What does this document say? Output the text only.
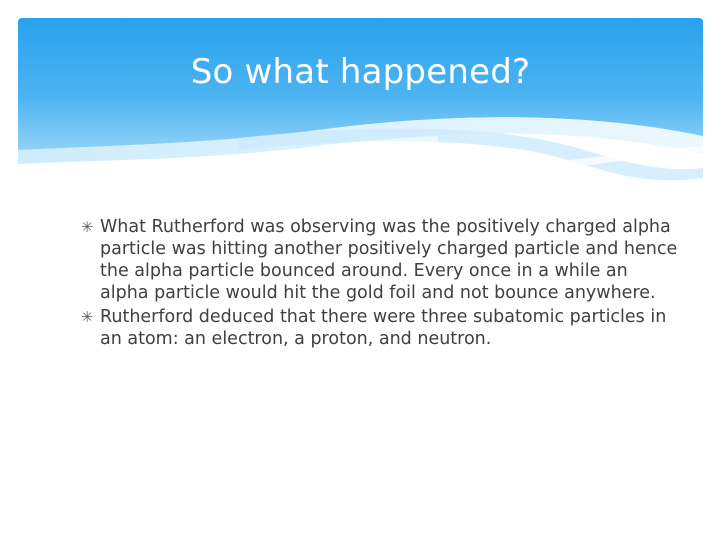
So what happened?
✳ What Rutherford was observing was the positively charged alpha particle was hitting another positively charged particle and hence the alpha particle bounced around. Every once in a while an alpha particle would hit the gold foil and not bounce anywhere.
✳ Rutherford deduced that there were three subatomic particles in an atom: an electron, a proton, and neutron.
